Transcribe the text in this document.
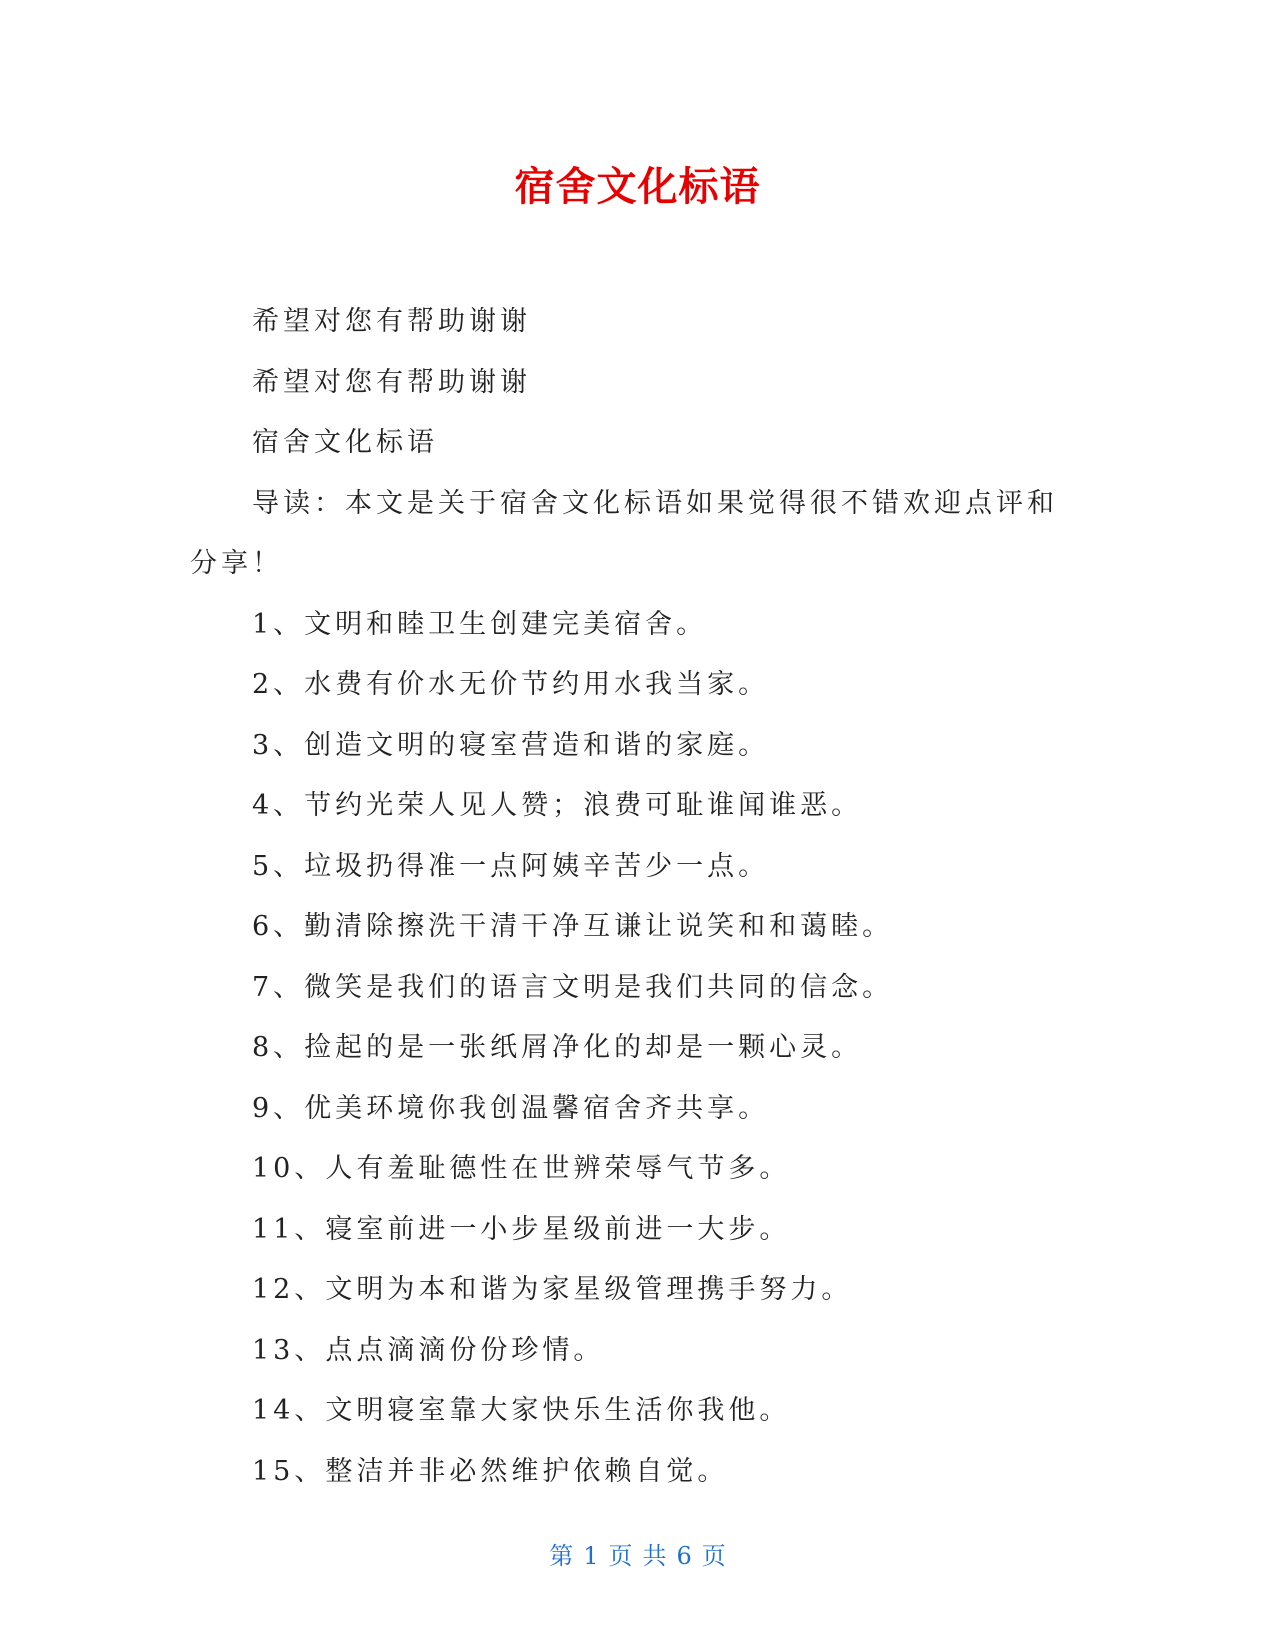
宿舍文化标语

希望对您有帮助谢谢

希望对您有帮助谢谢

宿舍文化标语

导读：本文是关于宿舍文化标语如果觉得很不错欢迎点评和分享！

1、文明和睦卫生创建完美宿舍。

2、水费有价水无价节约用水我当家。

3、创造文明的寝室营造和谐的家庭。

4、节约光荣人见人赞；浪费可耻谁闻谁恶。

5、垃圾扔得准一点阿姨辛苦少一点。

6、勤清除擦洗干清干净互谦让说笑和和蔼睦。

7、微笑是我们的语言文明是我们共同的信念。

8、捡起的是一张纸屑净化的却是一颗心灵。

9、优美环境你我创温馨宿舍齐共享。

10、人有羞耻德性在世辨荣辱气节多。

11、寝室前进一小步星级前进一大步。

12、文明为本和谐为家星级管理携手努力。

13、点点滴滴份份珍情。

14、文明寝室靠大家快乐生活你我他。

15、整洁并非必然维护依赖自觉。

第 1 页 共 6 页
